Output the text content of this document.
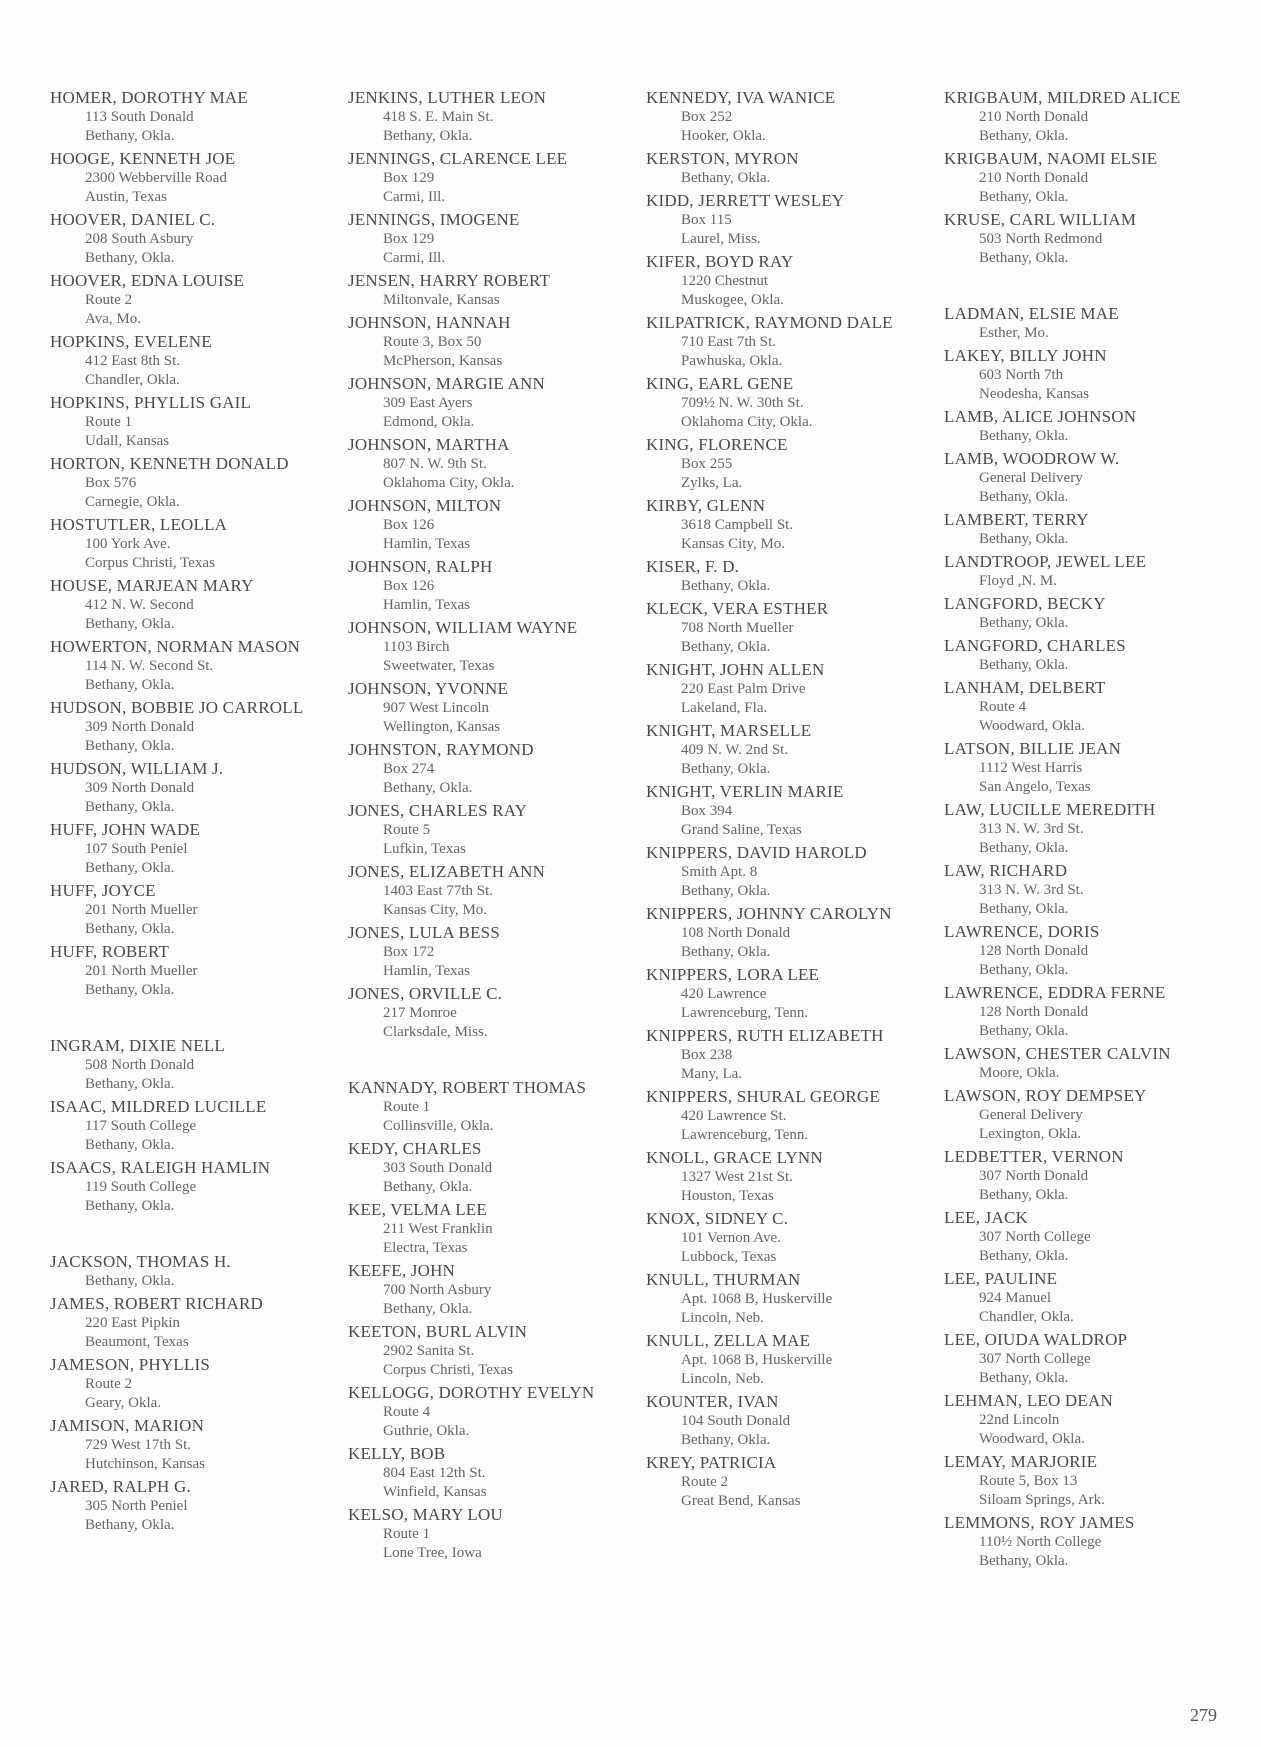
HOMER, DOROTHY MAE
113 South Donald
Bethany, Okla.
HOOGE, KENNETH JOE
2300 Webberville Road
Austin, Texas
HOOVER, DANIEL C.
208 South Asbury
Bethany, Okla.
HOOVER, EDNA LOUISE
Route 2
Ava, Mo.
HOPKINS, EVELENE
412 East 8th St.
Chandler, Okla.
HOPKINS, PHYLLIS GAIL
Route 1
Udall, Kansas
HORTON, KENNETH DONALD
Box 576
Carnegie, Okla.
HOSTUTLER, LEOLLA
100 York Ave.
Corpus Christi, Texas
HOUSE, MARJEAN MARY
412 N. W. Second
Bethany, Okla.
HOWERTON, NORMAN MASON
114 N. W. Second St.
Bethany, Okla.
HUDSON, BOBBIE JO CARROLL
309 North Donald
Bethany, Okla.
HUDSON, WILLIAM J.
309 North Donald
Bethany, Okla.
HUFF, JOHN WADE
107 South Peniel
Bethany, Okla.
HUFF, JOYCE
201 North Mueller
Bethany, Okla.
HUFF, ROBERT
201 North Mueller
Bethany, Okla.
INGRAM, DIXIE NELL
508 North Donald
Bethany, Okla.
ISAAC, MILDRED LUCILLE
117 South College
Bethany, Okla.
ISAACS, RALEIGH HAMLIN
119 South College
Bethany, Okla.
JACKSON, THOMAS H.
Bethany, Okla.
JAMES, ROBERT RICHARD
220 East Pipkin
Beaumont, Texas
JAMESON, PHYLLIS
Route 2
Geary, Okla.
JAMISON, MARION
729 West 17th St.
Hutchinson, Kansas
JARED, RALPH G.
305 North Peniel
Bethany, Okla.
JENKINS, LUTHER LEON
418 S. E. Main St.
Bethany, Okla.
JENNINGS, CLARENCE LEE
Box 129
Carmi, Ill.
JENNINGS, IMOGENE
Box 129
Carmi, Ill.
JENSEN, HARRY ROBERT
Miltonvale, Kansas
JOHNSON, HANNAH
Route 3, Box 50
McPherson, Kansas
JOHNSON, MARGIE ANN
309 East Ayers
Edmond, Okla.
JOHNSON, MARTHA
807 N. W. 9th St.
Oklahoma City, Okla.
JOHNSON, MILTON
Box 126
Hamlin, Texas
JOHNSON, RALPH
Box 126
Hamlin, Texas
JOHNSON, WILLIAM WAYNE
1103 Birch
Sweetwater, Texas
JOHNSON, YVONNE
907 West Lincoln
Wellington, Kansas
JOHNSTON, RAYMOND
Box 274
Bethany, Okla.
JONES, CHARLES RAY
Route 5
Lufkin, Texas
JONES, ELIZABETH ANN
1403 East 77th St.
Kansas City, Mo.
JONES, LULA BESS
Box 172
Hamlin, Texas
JONES, ORVILLE C.
217 Monroe
Clarksdale, Miss.
KANNADY, ROBERT THOMAS
Route 1
Collinsville, Okla.
KEDY, CHARLES
303 South Donald
Bethany, Okla.
KEE, VELMA LEE
211 West Franklin
Electra, Texas
KEEFE, JOHN
700 North Asbury
Bethany, Okla.
KEETON, BURL ALVIN
2902 Sanita St.
Corpus Christi, Texas
KELLOGG, DOROTHY EVELYN
Route 4
Guthrie, Okla.
KELLY, BOB
804 East 12th St.
Winfield, Kansas
KELSO, MARY LOU
Route 1
Lone Tree, Iowa
KENNEDY, IVA WANICE
Box 252
Hooker, Okla.
KERSTON, MYRON
Bethany, Okla.
KIDD, JERRETT WESLEY
Box 115
Laurel, Miss.
KIFER, BOYD RAY
1220 Chestnut
Muskogee, Okla.
KILPATRICK, RAYMOND DALE
710 East 7th St.
Pawhuska, Okla.
KING, EARL GENE
709½ N. W. 30th St.
Oklahoma City, Okla.
KING, FLORENCE
Box 255
Zylks, La.
KIRBY, GLENN
3618 Campbell St.
Kansas City, Mo.
KISER, F. D.
Bethany, Okla.
KLECK, VERA ESTHER
708 North Mueller
Bethany, Okla.
KNIGHT, JOHN ALLEN
220 East Palm Drive
Lakeland, Fla.
KNIGHT, MARSELLE
409 N. W. 2nd St.
Bethany, Okla.
KNIGHT, VERLIN MARIE
Box 394
Grand Saline, Texas
KNIPPERS, DAVID HAROLD
Smith Apt. 8
Bethany, Okla.
KNIPPERS, JOHNNY CAROLYN
108 North Donald
Bethany, Okla.
KNIPPERS, LORA LEE
420 Lawrence
Lawrenceburg, Tenn.
KNIPPERS, RUTH ELIZABETH
Box 238
Many, La.
KNIPPERS, SHURAL GEORGE
420 Lawrence St.
Lawrenceburg, Tenn.
KNOLL, GRACE LYNN
1327 West 21st St.
Houston, Texas
KNOX, SIDNEY C.
101 Vernon Ave.
Lubbock, Texas
KNULL, THURMAN
Apt. 1068 B, Huskerville
Lincoln, Neb.
KNULL, ZELLA MAE
Apt. 1068 B, Huskerville
Lincoln, Neb.
KOUNTER, IVAN
104 South Donald
Bethany, Okla.
KREY, PATRICIA
Route 2
Great Bend, Kansas
KRIGBAUM, MILDRED ALICE
210 North Donald
Bethany, Okla.
KRIGBAUM, NAOMI ELSIE
210 North Donald
Bethany, Okla.
KRUSE, CARL WILLIAM
503 North Redmond
Bethany, Okla.
LADMAN, ELSIE MAE
Esther, Mo.
LAKEY, BILLY JOHN
603 North 7th
Neodesha, Kansas
LAMB, ALICE JOHNSON
Bethany, Okla.
LAMB, WOODROW W.
General Delivery
Bethany, Okla.
LAMBERT, TERRY
Bethany, Okla.
LANDTROOP, JEWEL LEE
Floyd ,N. M.
LANGFORD, BECKY
Bethany, Okla.
LANGFORD, CHARLES
Bethany, Okla.
LANHAM, DELBERT
Route 4
Woodward, Okla.
LATSON, BILLIE JEAN
1112 West Harris
San Angelo, Texas
LAW, LUCILLE MEREDITH
313 N. W. 3rd St.
Bethany, Okla.
LAW, RICHARD
313 N. W. 3rd St.
Bethany, Okla.
LAWRENCE, DORIS
128 North Donald
Bethany, Okla.
LAWRENCE, EDDRA FERNE
128 North Donald
Bethany, Okla.
LAWSON, CHESTER CALVIN
Moore, Okla.
LAWSON, ROY DEMPSEY
General Delivery
Lexington, Okla.
LEDBETTER, VERNON
307 North Donald
Bethany, Okla.
LEE, JACK
307 North College
Bethany, Okla.
LEE, PAULINE
924 Manuel
Chandler, Okla.
LEE, OIUDA WALDROP
307 North College
Bethany, Okla.
LEHMAN, LEO DEAN
22nd Lincoln
Woodward, Okla.
LEMAY, MARJORIE
Route 5, Box 13
Siloam Springs, Ark.
LEMMONS, ROY JAMES
110½ North College
Bethany, Okla.
279
